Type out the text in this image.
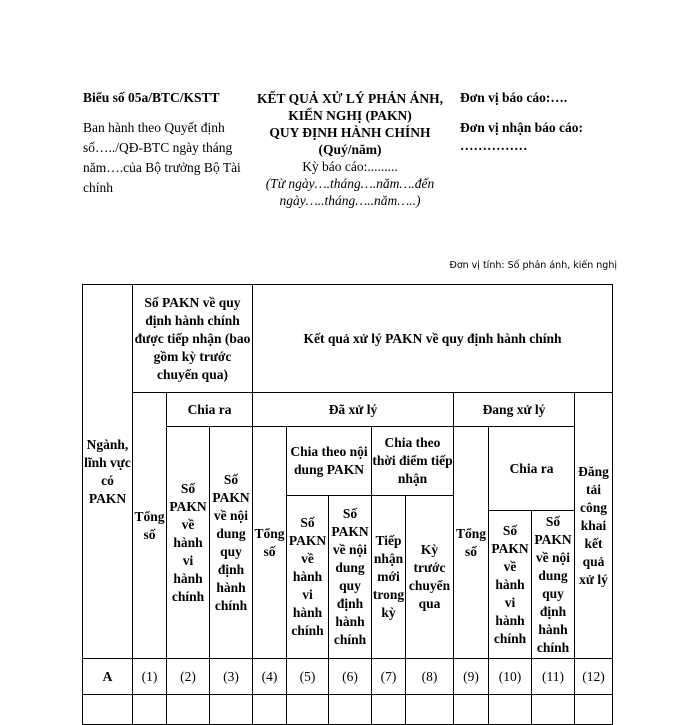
Biểu số 05a/BTC/KSTT
Ban hành theo Quyết định số…../QĐ-BTC ngày tháng năm….của Bộ trưởng Bộ Tài chính
KẾT QUẢ XỬ LÝ PHẢN ÁNH,
KIẾN NGHỊ (PAKN)
QUY ĐỊNH HÀNH CHÍNH
(Quý/năm)
Kỳ báo cáo:.........
(Từ ngày….tháng….năm….đến ngày…..tháng…..năm…..)
Đơn vị báo cáo:….
Đơn vị nhận báo cáo: ……………
Đơn vị tính: Số phản ánh, kiến nghị
Ngành, lĩnh vực có PAKN	Số PAKN về quy định hành chính được tiếp nhận (bao gồm kỳ trước chuyển qua)			Kết quả xử lý PAKN về quy định hành chính								
	Tổng số	Chia ra		Đã xử lý					Đang xử lý			Đăng tải công khai kết quả xử lý
		Số PAKN về hành vi hành chính	Số PAKN về nội dung quy định hành chính	Tổng số	Chia theo nội dung PAKN		Chia theo thời điểm tiếp nhận		Tổng số	Chia ra		
					Số PAKN về hành vi hành chính	Số PAKN về nội dung quy định hành chính	Tiếp nhận mới trong kỳ	Kỳ trước chuyển qua				
										Số PAKN về hành vi hành chính	Số PAKN về nội dung quy định hành chính	
A	(1)	(2)	(3)	(4)	(5)	(6)	(7)	(8)	(9)	(10)	(11)	(12)
